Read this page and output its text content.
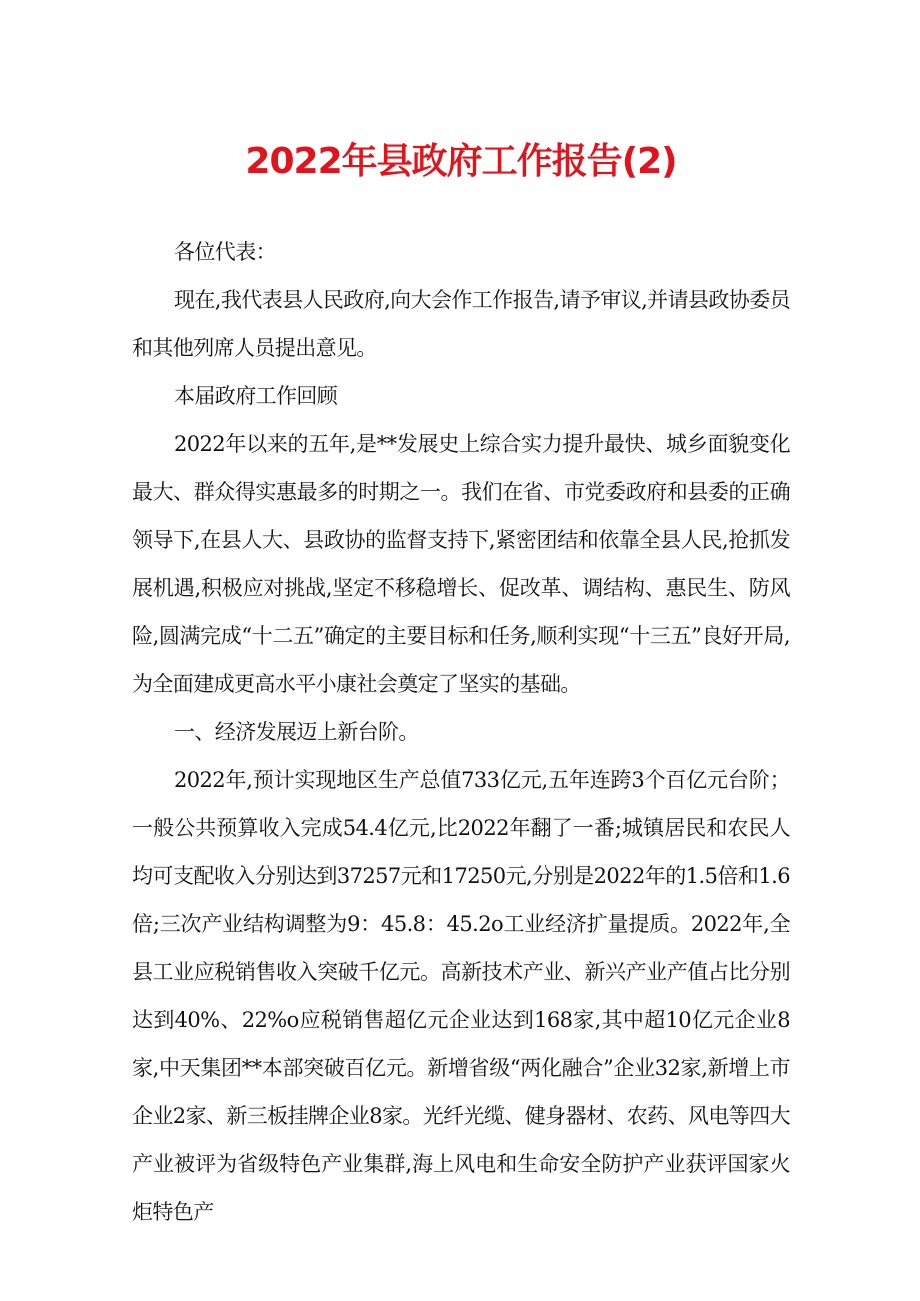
2022年县政府工作报告(2)

各位代表：

现在,我代表县人民政府,向大会作工作报告,请予审议,并请县政协委员和其他列席人员提出意见。

本届政府工作回顾

2022年以来的五年,是**发展史上综合实力提升最快、城乡面貌变化最大、群众得实惠最多的时期之一。我们在省、市党委政府和县委的正确领导下,在县人大、县政协的监督支持下,紧密团结和依靠全县人民,抢抓发展机遇,积极应对挑战,坚定不移稳增长、促改革、调结构、惠民生、防风险,圆满完成“十二五”确定的主要目标和任务,顺利实现“十三五”良好开局,为全面建成更高水平小康社会奠定了坚实的基础。

一、经济发展迈上新台阶。

2022年,预计实现地区生产总值733亿元,五年连跨3个百亿元台阶；一般公共预算收入完成54.4亿元,比2022年翻了一番;城镇居民和农民人均可支配收入分别达到37257元和17250元,分别是2022年的1.5倍和1.6倍;三次产业结构调整为9：45.8：45.2o工业经济扩量提质。2022年,全县工业应税销售收入突破千亿元。高新技术产业、新兴产业产值占比分别达到40%、22%o应税销售超亿元企业达到168家,其中超10亿元企业8家,中天集团**本部突破百亿元。新增省级“两化融合”企业32家,新增上市企业2家、新三板挂牌企业8家。光纤光缆、健身器材、农药、风电等四大产业被评为省级特色产业集群,海上风电和生命安全防护产业获评国家火炬特色产
